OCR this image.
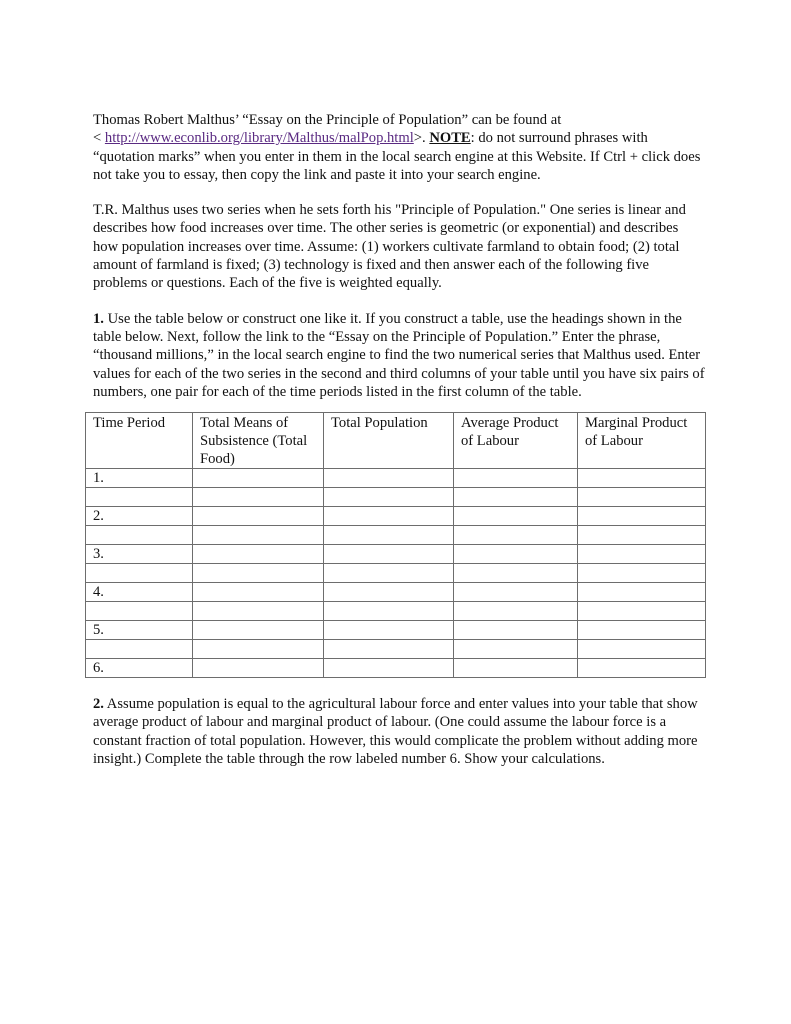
Thomas Robert Malthus’ “Essay on the Principle of Population” can be found at
< http://www.econlib.org/library/Malthus/malPop.html>. NOTE: do not surround phrases with “quotation marks” when you enter in them in the local search engine at this Website. If Ctrl + click does not take you to essay, then copy the link and paste it into your search engine.

T.R. Malthus uses two series when he sets forth his "Principle of Population." One series is linear and describes how food increases over time. The other series is geometric (or exponential) and describes how population increases over time. Assume: (1) workers cultivate farmland to obtain food; (2) total amount of farmland is fixed; (3) technology is fixed and then answer each of the following five problems or questions. Each of the five is weighted equally.

1. Use the table below or construct one like it. If you construct a table, use the headings shown in the table below. Next, follow the link to the “Essay on the Principle of Population.” Enter the phrase, “thousand millions,” in the local search engine to find the two numerical series that Malthus used. Enter values for each of the two series in the second and third columns of your table until you have six pairs of numbers, one pair for each of the time periods listed in the first column of the table.

Time Period	Total Means of Subsistence (Total Food)	Total Population	Average Product of Labour	Marginal Product of Labour
1.				

2.				

3.				

4.				

5.				

6.				

2. Assume population is equal to the agricultural labour force and enter values into your table that show average product of labour and marginal product of labour. (One could assume the labour force is a constant fraction of total population. However, this would complicate the problem without adding more insight.) Complete the table through the row labeled number 6. Show your calculations.
